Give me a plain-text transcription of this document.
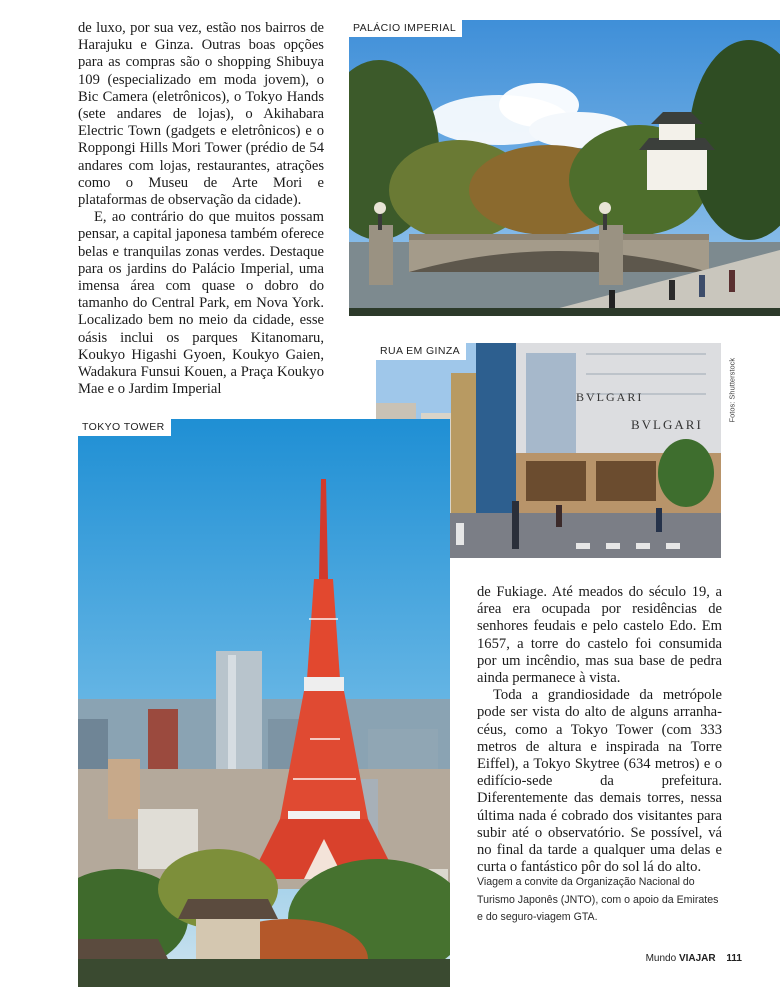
de luxo, por sua vez, estão nos bairros de Harajuku e Ginza. Outras boas opções para as compras são o shopping Shibuya 109 (especializado em moda jovem), o Bic Camera (eletrônicos), o Tokyo Hands (sete andares de lojas), o Akihabara Electric Town (gadgets e eletrônicos) e o Roppongi Hills Mori Tower (prédio de 54 andares com lojas, restaurantes, atrações como o Museu de Arte Mori e plataformas de observação da cidade).

E, ao contrário do que muitos possam pensar, a capital japonesa também oferece belas e tranquilas zonas verdes. Destaque para os jardins do Palácio Imperial, uma imensa área com quase o dobro do tamanho do Central Park, em Nova York. Localizado bem no meio da cidade, esse oásis inclui os parques Kitanomaru, Koukyo Higashi Gyoen, Koukyo Gaien, Wadakura Funsui Kouen, a Praça Koukyo Mae e o Jardim Imperial

PALÁCIO IMPERIAL
BVLGARI
BVLGARI
RUA EM GINZA
Fotos: Shutterstock
TOKYO TOWER

de Fukiage. Até meados do século 19, a área era ocupada por residências de senhores feudais e pelo castelo Edo. Em 1657, a torre do castelo foi consumida por um incêndio, mas sua base de pedra ainda permanece à vista.

Toda a grandiosidade da metrópole pode ser vista do alto de alguns arranha-céus, como a Tokyo Tower (com 333 metros de altura e inspirada na Torre Eiffel), a Tokyo Skytree (634 metros) e o edifício-sede da prefeitura. Diferentemente das demais torres, nessa última nada é cobrado dos visitantes para subir até o observatório. Se possível, vá no final da tarde a qualquer uma delas e curta o fantástico pôr do sol lá do alto.

Viagem a convite da Organização Nacional do Turismo Japonês (JNTO), com o apoio da Emirates e do seguro-viagem GTA.
Mundo VIAJAR 111
